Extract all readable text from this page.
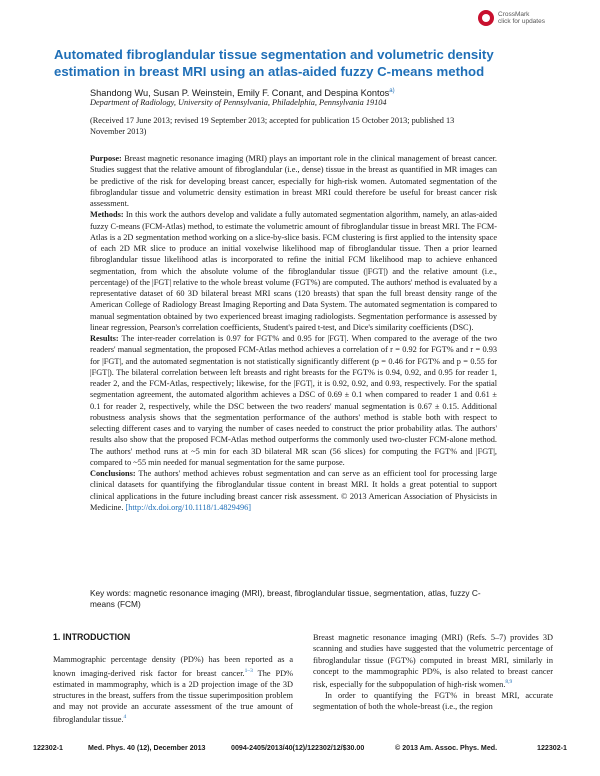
CrossMark
click for updates
Automated fibroglandular tissue segmentation and volumetric density estimation in breast MRI using an atlas-aided fuzzy C-means method
Shandong Wu, Susan P. Weinstein, Emily F. Conant, and Despina Kontos$^{a)}$
Department of Radiology, University of Pennsylvania, Philadelphia, Pennsylvania 19104
(Received 17 June 2013; revised 19 September 2013; accepted for publication 15 October 2013; published 13 November 2013)

Purpose: Breast magnetic resonance imaging (MRI) plays an important role in the clinical management of breast cancer. Studies suggest that the relative amount of fibroglandular (i.e., dense) tissue in the breast as quantified in MR images can be predictive of the risk for developing breast cancer, especially for high-risk women. Automated segmentation of the fibroglandular tissue and volumetric density estimation in breast MRI could therefore be useful for breast cancer risk assessment.

Methods: In this work the authors develop and validate a fully automated segmentation algorithm, namely, an atlas-aided fuzzy C-means (FCM-Atlas) method, to estimate the volumetric amount of fibroglandular tissue in breast MRI. The FCM-Atlas is a 2D segmentation method working on a slice-by-slice basis. FCM clustering is first applied to the intensity space of each 2D MR slice to produce an initial voxelwise likelihood map of fibroglandular tissue. Then a prior learned fibroglandular tissue likelihood atlas is incorporated to refine the initial FCM likelihood map to achieve enhanced segmentation, from which the absolute volume of the fibroglandular tissue (|FGT|) and the relative amount (i.e., percentage) of the |FGT| relative to the whole breast volume (FGT%) are computed. The authors' method is evaluated by a representative dataset of 60 3D bilateral breast MRI scans (120 breasts) that span the full breast density range of the American College of Radiology Breast Imaging Reporting and Data System. The automated segmentation is compared to manual segmentation obtained by two experienced breast imaging radiologists. Segmentation performance is assessed by linear regression, Pearson's correlation coefficients, Student's paired t-test, and Dice's similarity coefficients (DSC).

Results: The inter-reader correlation is 0.97 for FGT% and 0.95 for |FGT|. When compared to the average of the two readers' manual segmentation, the proposed FCM-Atlas method achieves a correlation of r = 0.92 for FGT% and r = 0.93 for |FGT|, and the automated segmentation is not statistically significantly different (p = 0.46 for FGT% and p = 0.55 for |FGT|). The bilateral correlation between left breasts and right breasts for the FGT% is 0.94, 0.92, and 0.95 for reader 1, reader 2, and the FCM-Atlas, respectively; likewise, for the |FGT|, it is 0.92, 0.92, and 0.93, respectively. For the spatial segmentation agreement, the automated algorithm achieves a DSC of 0.69 ± 0.1 when compared to reader 1 and 0.61 ± 0.1 for reader 2, respectively, while the DSC between the two readers' manual segmentation is 0.67 ± 0.15. Additional robustness analysis shows that the segmentation performance of the authors' method is stable both with respect to selecting different cases and to varying the number of cases needed to construct the prior probability atlas. The authors' results also show that the proposed FCM-Atlas method outperforms the commonly used two-cluster FCM-alone method. The authors' method runs at ~5 min for each 3D bilateral MR scan (56 slices) for computing the FGT% and |FGT|, compared to ~55 min needed for manual segmentation for the same purpose.

Conclusions: The authors' method achieves robust segmentation and can serve as an efficient tool for processing large clinical datasets for quantifying the fibroglandular tissue content in breast MRI. It holds a great potential to support clinical applications in the future including breast cancer risk assessment. © 2013 American Association of Physicists in Medicine. [http://dx.doi.org/10.1118/1.4829496]

Key words: magnetic resonance imaging (MRI), breast, fibroglandular tissue, segmentation, atlas, fuzzy C-means (FCM)

1. INTRODUCTION

Mammographic percentage density (PD%) has been reported as a known imaging-derived risk factor for breast cancer.$^{1-3}$ The PD% estimated in mammography, which is a 2D projection image of the 3D structures in the breast, suffers from the tissue superimposition problem and may not provide an accurate assessment of the true amount of fibroglandular tissue.$^4$

Breast magnetic resonance imaging (MRI) (Refs. 5–7) provides 3D scanning and studies have suggested that the volumetric percentage of fibroglandular tissue (FGT%) computed in breast MRI, similarly in concept to the mammographic PD%, is also related to breast cancer risk, especially for the subpopulation of high-risk women.$^{8,9}$

In order to quantifying the FGT% in breast MRI, accurate segmentation of both the whole-breast (i.e., the region

122302-1	Med. Phys. 40 (12), December 2013	0094-2405/2013/40(12)/122302/12/$30.00	© 2013 Am. Assoc. Phys. Med.	122302-1
